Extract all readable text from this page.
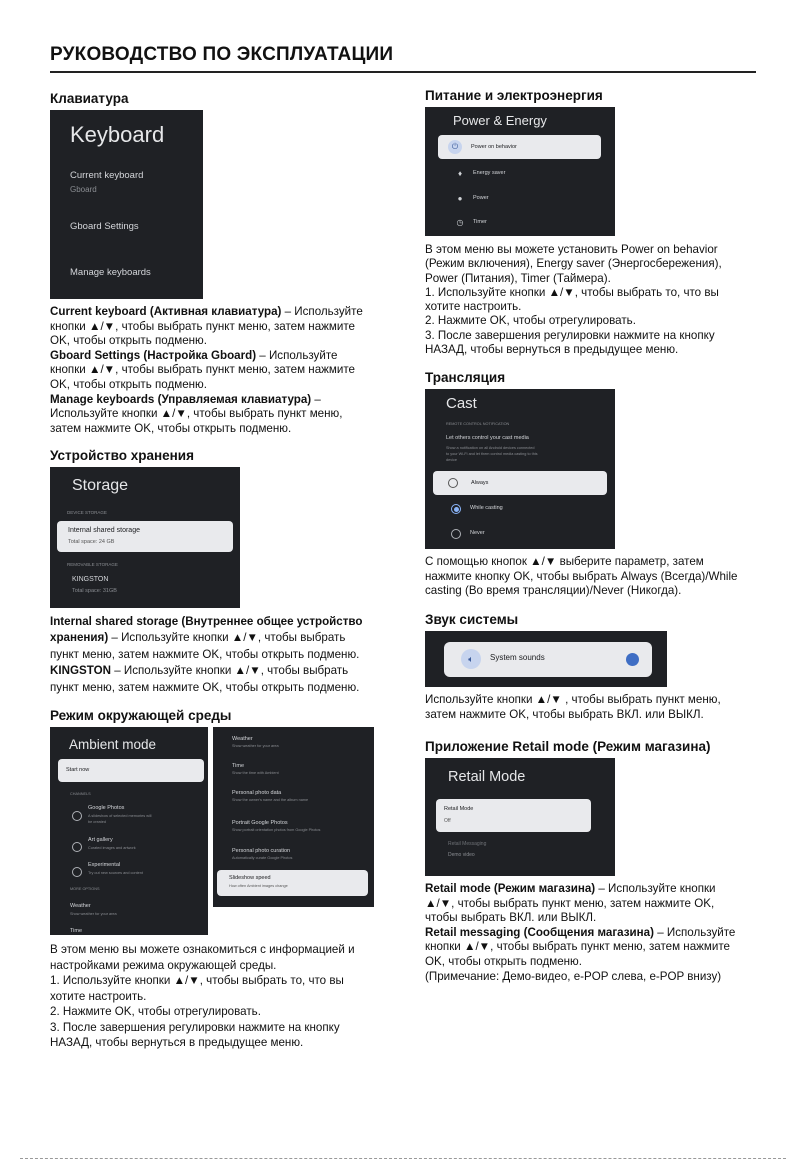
РУКОВОДСТВО ПО ЭКСПЛУАТАЦИИ
Клавиатура
Keyboard
Current keyboard
Gboard
Gboard Settings
Manage keyboards
Current keyboard (Активная клавиатура) – Используйте
кнопки ▲/▼, чтобы выбрать пункт меню, затем нажмите
OK, чтобы открыть подменю.
Gboard Settings (Настройка Gboard) – Используйте
кнопки ▲/▼, чтобы выбрать пункт меню, затем нажмите
OK, чтобы открыть подменю.
Manage keyboards (Управляемая клавиатура) –
Используйте кнопки ▲/▼, чтобы выбрать пункт меню,
затем нажмите OK, чтобы открыть подменю.
Устройство хранения
Storage
DEVICE STORAGE
Internal shared storage
Total space: 24 GB
REMOVABLE STORAGE
KINGSTON
Total space: 31GB
Internal shared storage (Внутреннее общее устройство
хранения) – Используйте кнопки ▲/▼, чтобы выбрать
пункт меню, затем нажмите OK, чтобы открыть подменю.
KINGSTON – Используйте кнопки ▲/▼, чтобы выбрать
пункт меню, затем нажмите OK, чтобы открыть подменю.
Режим окружающей среды
Ambient mode
Start now
CHANNELS
Google Photos
A slideshow of selected memories will
be created
Art gallery
Curated images and artwork
Experimental
Try out new sources and content
MORE OPTIONS
Weather
Show weather for your area
Time
Weather
Show weather for your area
Time
Show the time with Ambient
Personal photo data
Show the owner's name and the album name
Portrait Google Photos
Show portrait orientation photos from Google Photos
Personal photo curation
Automatically curate Google Photos
Slideshow speed
How often Ambient images change
В этом меню вы можете ознакомиться с информацией и
настройками режима окружающей среды.
1. Используйте кнопки ▲/▼, чтобы выбрать то, что вы
хотите настроить.
2. Нажмите OK, чтобы отрегулировать.
3. После завершения регулировки нажмите на кнопку
НАЗАД, чтобы вернуться в предыдущее меню.
Питание и электроэнергия
Power & Energy
⏻	Power on behavior
♦	Energy saver
●	Power
◷	Timer
В этом меню вы можете установить Power on behavior
(Режим включения), Energy saver (Энергосбережения),
Power (Питания), Timer (Таймера).
1. Используйте кнопки ▲/▼, чтобы выбрать то, что вы
хотите настроить.
2. Нажмите OK, чтобы отрегулировать.
3. После завершения регулировки нажмите на кнопку
НАЗАД, чтобы вернуться в предыдущее меню.
Трансляция
Cast
REMOTE CONTROL NOTIFICATION
Let others control your cast media
Show a notification on all Android devices connected
to your Wi-Fi and let them control media casting to this
device
Always
While casting
Never
С помощью кнопок ▲/▼ выберите параметр, затем
нажмите кнопку OK, чтобы выбрать Always (Всегда)/While
casting (Во время трансляции)/Never (Никогда).
Звук системы
🔈︎	System sounds
Используйте кнопки ▲/▼ , чтобы выбрать пункт меню,
затем нажмите OK, чтобы выбрать ВКЛ. или ВЫКЛ.
Приложение Retail mode (Режим магазина)
Retail Mode
Retail Mode
Off
Retail Messaging
Demo video
Retail mode (Режим магазина) – Используйте кнопки
▲/▼, чтобы выбрать пункт меню, затем нажмите OK,
чтобы выбрать ВКЛ. или ВЫКЛ.
Retail messaging (Сообщения магазина) – Используйте
кнопки ▲/▼, чтобы выбрать пункт меню, затем нажмите
OK, чтобы открыть подменю.
(Примечание: Демо-видео, e-POP слева, e-POP внизу)
